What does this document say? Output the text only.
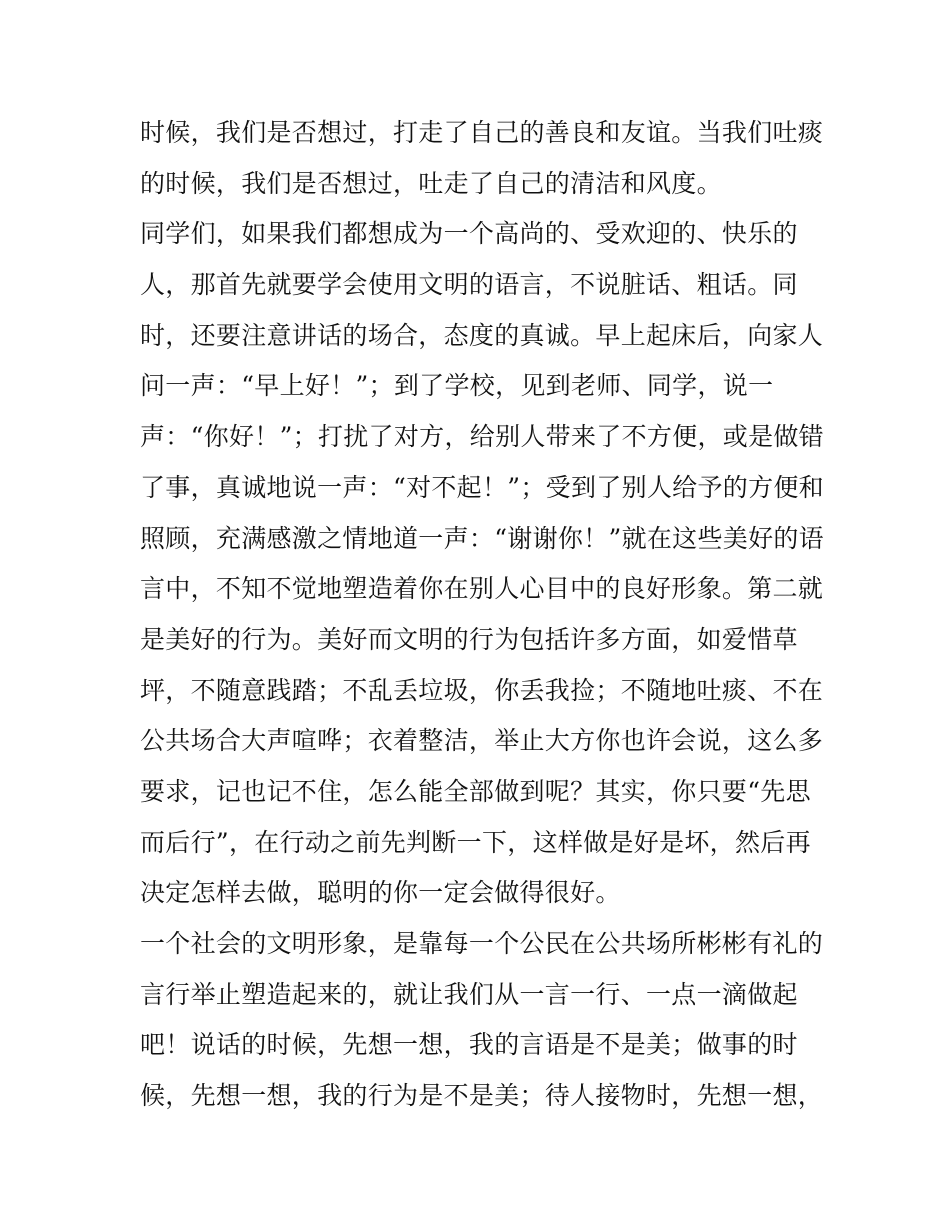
时候，我们是否想过，打走了自己的善良和友谊。当我们吐痰
的时候，我们是否想过，吐走了自己的清洁和风度。
同学们，如果我们都想成为一个高尚的、受欢迎的、快乐的
人，那首先就要学会使用文明的语言，不说脏话、粗话。同
时，还要注意讲话的场合，态度的真诚。早上起床后，向家人
问一声：“早上好！”；到了学校，见到老师、同学，说一
声：“你好！”；打扰了对方，给别人带来了不方便，或是做错
了事，真诚地说一声：“对不起！”；受到了别人给予的方便和
照顾，充满感激之情地道一声：“谢谢你！”就在这些美好的语
言中，不知不觉地塑造着你在别人心目中的良好形象。第二就
是美好的行为。美好而文明的行为包括许多方面，如爱惜草
坪，不随意践踏；不乱丢垃圾，你丢我捡；不随地吐痰、不在
公共场合大声喧哗；衣着整洁，举止大方你也许会说，这么多
要求，记也记不住，怎么能全部做到呢？其实，你只要“先思
而后行”，在行动之前先判断一下，这样做是好是坏，然后再
决定怎样去做，聪明的你一定会做得很好。
一个社会的文明形象，是靠每一个公民在公共场所彬彬有礼的
言行举止塑造起来的，就让我们从一言一行、一点一滴做起
吧！说话的时候，先想一想，我的言语是不是美；做事的时
候，先想一想，我的行为是不是美；待人接物时，先想一想，
